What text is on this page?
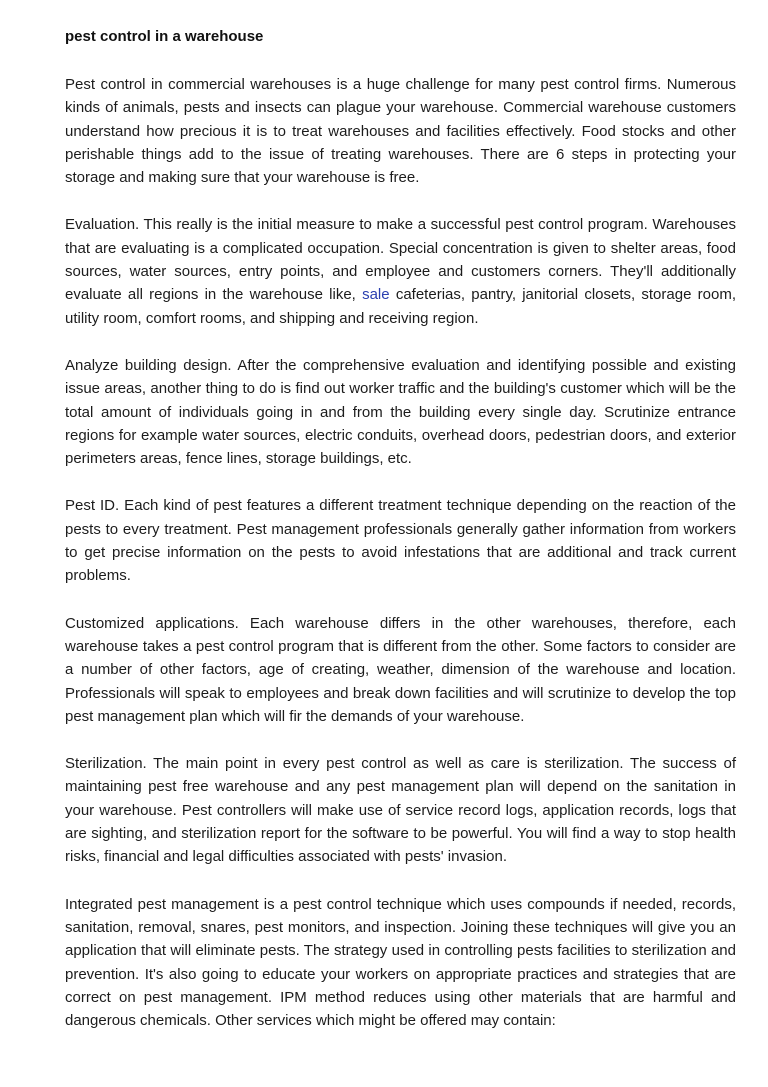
pest control in a warehouse

Pest control in commercial warehouses is a huge challenge for many pest control firms. Numerous kinds of animals, pests and insects can plague your warehouse. Commercial warehouse customers understand how precious it is to treat warehouses and facilities effectively. Food stocks and other perishable things add to the issue of treating warehouses. There are 6 steps in protecting your storage and making sure that your warehouse is free.

Evaluation. This really is the initial measure to make a successful pest control program. Warehouses that are evaluating is a complicated occupation. Special concentration is given to shelter areas, food sources, water sources, entry points, and employee and customers corners. They'll additionally evaluate all regions in the warehouse like, sale cafeterias, pantry, janitorial closets, storage room, utility room, comfort rooms, and shipping and receiving region.

Analyze building design. After the comprehensive evaluation and identifying possible and existing issue areas, another thing to do is find out worker traffic and the building's customer which will be the total amount of individuals going in and from the building every single day. Scrutinize entrance regions for example water sources, electric conduits, overhead doors, pedestrian doors, and exterior perimeters areas, fence lines, storage buildings, etc.

Pest ID. Each kind of pest features a different treatment technique depending on the reaction of the pests to every treatment. Pest management professionals generally gather information from workers to get precise information on the pests to avoid infestations that are additional and track current problems.

Customized applications. Each warehouse differs in the other warehouses, therefore, each warehouse takes a pest control program that is different from the other. Some factors to consider are a number of other factors, age of creating, weather, dimension of the warehouse and location. Professionals will speak to employees and break down facilities and will scrutinize to develop the top pest management plan which will fir the demands of your warehouse.

Sterilization. The main point in every pest control as well as care is sterilization. The success of maintaining pest free warehouse and any pest management plan will depend on the sanitation in your warehouse. Pest controllers will make use of service record logs, application records, logs that are sighting, and sterilization report for the software to be powerful. You will find a way to stop health risks, financial and legal difficulties associated with pests' invasion.

Integrated pest management is a pest control technique which uses compounds if needed, records, sanitation, removal, snares, pest monitors, and inspection. Joining these techniques will give you an application that will eliminate pests. The strategy used in controlling pests facilities to sterilization and prevention. It's also going to educate your workers on appropriate practices and strategies that are correct on pest management. IPM method reduces using other materials that are harmful and dangerous chemicals. Other services which might be offered may contain:
